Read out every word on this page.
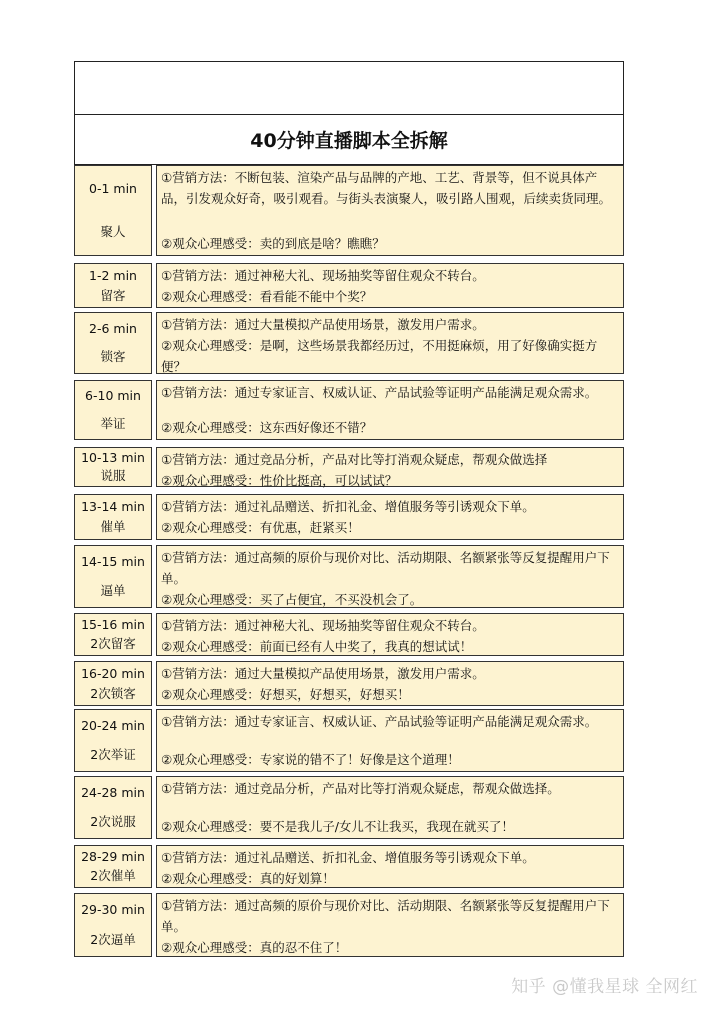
40分钟直播脚本全拆解
0-1 min
聚人

①营销方法：不断包装、渲染产品与品牌的产地、工艺、背景等，但不说具体产品，引发观众好奇，吸引观看。与街头表演聚人，吸引路人围观，后续卖货同理。

②观众心理感受：卖的到底是啥？瞧瞧？

1-2 min
留客

①营销方法：通过神秘大礼、现场抽奖等留住观众不转台。

②观众心理感受：看看能不能中个奖？

2-6 min
锁客

①营销方法：通过大量模拟产品使用场景，激发用户需求。

②观众心理感受：是啊，这些场景我都经历过，不用挺麻烦，用了好像确实挺方便？

6-10 min
举证

①营销方法：通过专家证言、权威认证、产品试验等证明产品能满足观众需求。

②观众心理感受：这东西好像还不错？

10-13 min
说服

①营销方法：通过竞品分析，产品对比等打消观众疑虑，帮观众做选择

②观众心理感受：性价比挺高，可以试试？

13-14 min
催单

①营销方法：通过礼品赠送、折扣礼金、增值服务等引诱观众下单。

②观众心理感受：有优惠，赶紧买！

14-15 min
逼单

①营销方法：通过高频的原价与现价对比、活动期限、名额紧张等反复提醒用户下单。

②观众心理感受：买了占便宜，不买没机会了。

15-16 min
2次留客

①营销方法：通过神秘大礼、现场抽奖等留住观众不转台。

②观众心理感受：前面已经有人中奖了，我真的想试试！

16-20 min
2次锁客

①营销方法：通过大量模拟产品使用场景，激发用户需求。

②观众心理感受：好想买，好想买，好想买！

20-24 min
2次举证

①营销方法：通过专家证言、权威认证、产品试验等证明产品能满足观众需求。

②观众心理感受：专家说的错不了！好像是这个道理！

24-28 min
2次说服

①营销方法：通过竞品分析，产品对比等打消观众疑虑，帮观众做选择。

②观众心理感受：要不是我儿子/女儿不让我买，我现在就买了！

28-29 min
2次催单

①营销方法：通过礼品赠送、折扣礼金、增值服务等引诱观众下单。

②观众心理感受：真的好划算！

29-30 min
2次逼单

①营销方法：通过高频的原价与现价对比、活动期限、名额紧张等反复提醒用户下单。

②观众心理感受：真的忍不住了！

知乎 @懂我星球 全网红
